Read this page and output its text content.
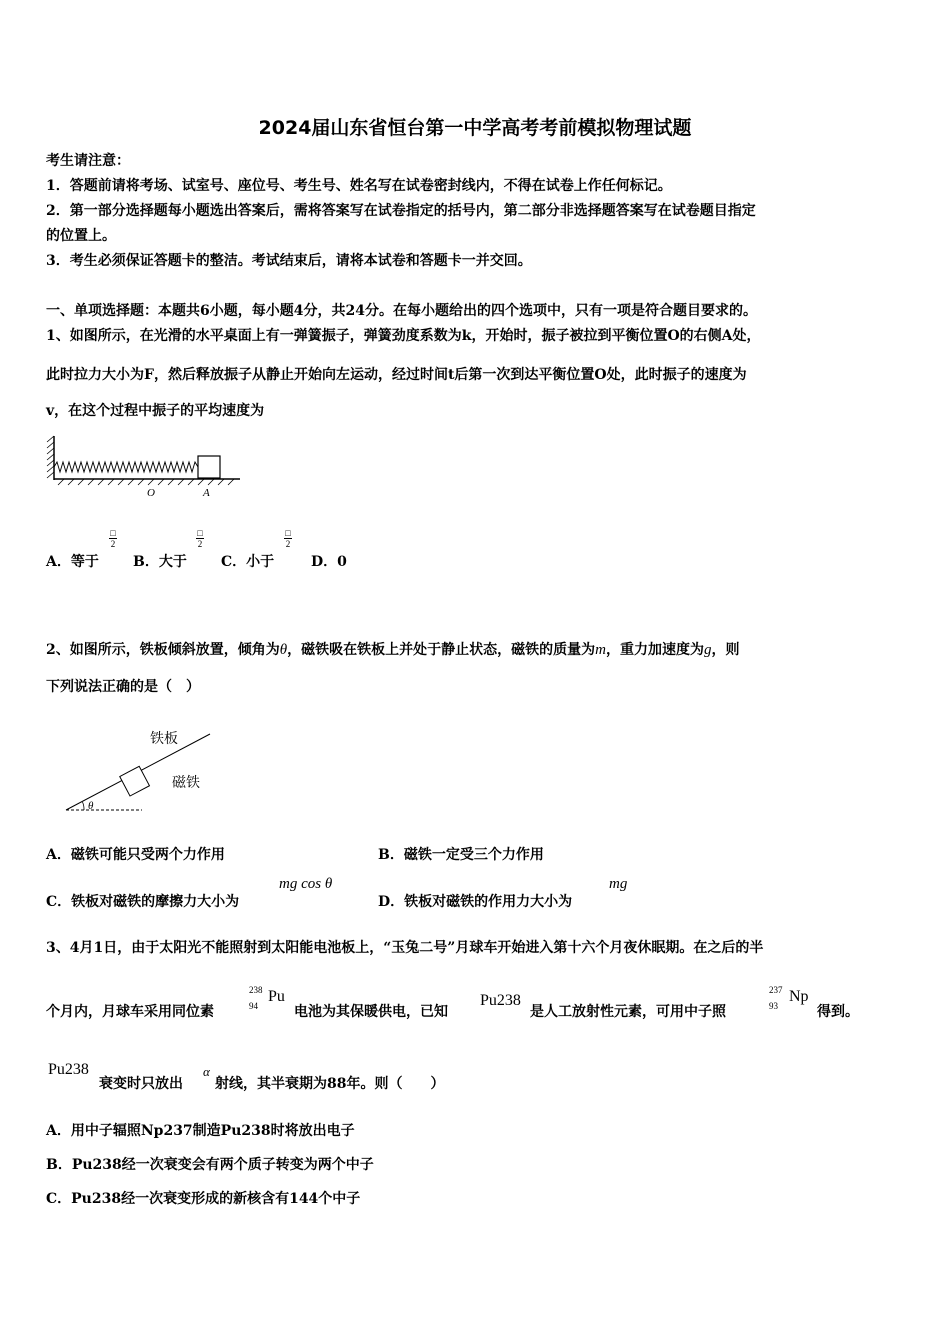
2024届山东省恒台第一中学高考考前模拟物理试题
考生请注意：
1．答题前请将考场、试室号、座位号、考生号、姓名写在试卷密封线内，不得在试卷上作任何标记。
2．第一部分选择题每小题选出答案后，需将答案写在试卷指定的括号内，第二部分非选择题答案写在试卷题目指定
的位置上。
3．考生必须保证答题卡的整洁。考试结束后，请将本试卷和答题卡一并交回。
一、单项选择题：本题共6小题，每小题4分，共24分。在每小题给出的四个选项中，只有一项是符合题目要求的。
1、如图所示，在光滑的水平桌面上有一弹簧振子，弹簧劲度系数为k，开始时，振子被拉到平衡位置O的右侧A处，
此时拉力大小为F，然后释放振子从静止开始向左运动，经过时间t后第一次到达平衡位置O处，此时振子的速度为
v，在这个过程中振子的平均速度为
O	A
A．等于
□
2
B．大于
□
2
C．小于
□
2
D．0
2、如图所示，铁板倾斜放置，倾角为θ，磁铁吸在铁板上并处于静止状态，磁铁的质量为m，重力加速度为g，则
下列说法正确的是（　）
铁板
磁铁
θ
A．磁铁可能只受两个力作用	B．磁铁一定受三个力作用
C．铁板对磁铁的摩擦力大小为
mg cos θ
D．铁板对磁铁的作用力大小为
mg
3、4月1日，由于太阳光不能照射到太阳能电池板上，“玉兔二号”月球车开始进入第十六个月夜休眠期。在之后的半
个月内，月球车采用同位素
238
94
Pu
电池为其保暖供电，已知
Pu238
是人工放射性元素，可用中子照
237
93
Np
得到。
Pu238
衰变时只放出
α
射线，其半衰期为88年。则（　　）
A．用中子辐照Np237制造Pu238时将放出电子
B．Pu238经一次衰变会有两个质子转变为两个中子
C．Pu238经一次衰变形成的新核含有144个中子
